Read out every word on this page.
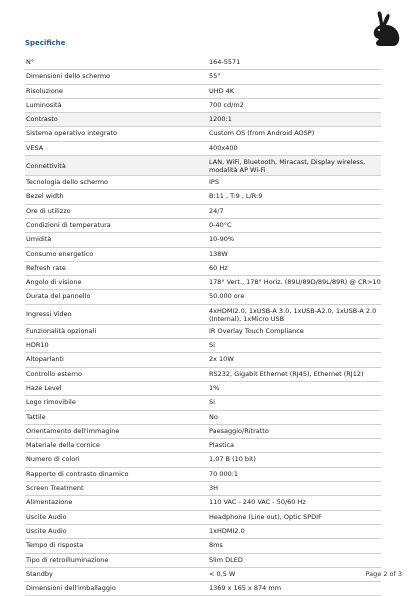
Specifiche
N°	164-5571
Dimensioni dello schermo	55"
Risoluzione	UHD 4K
Luminosità	700 cd/m2
Contrasto	1200:1
Sistema operativo integrato	Custom OS (from Android AOSP)
VESA	400x400
Connettività	LAN, WiFi, Bluetooth, Miracast, Display wireless, modalità AP Wi-Fi
Tecnologia dello schermo	IPS
Bezel width	B:11 , T:9 , L/R:9
Ore di utilizzo	24/7
Condizioni di temperatura	0-40°C
Umidità	10-90%
Consumo energetico	138W
Refresh rate	60 Hz
Angolo di visione	178° Vert., 178° Horiz. (89U/89D/89L/89R) @ CR>10
Durata del pannello	50.000 ore
Ingressi Video	4xHDMI2.0, 1xUSB-A 3.0, 1xUSB-A2.0, 1xUSB-A 2.0 (Internal), 1xMicro USB
Funzionalità opzionali	IR Overlay Touch Compliance
HDR10	Si
Altoparlanti	2x 10W
Controllo esterno	RS232, Gigabit Ethernet (RJ45), Ethernet (RJ12)
Haze Level	1%
Logo rimovibile	Si
Tattile	No
Orientamento dell'immagine	Paesaggio/Ritratto
Materiale della cornice	Plastica
Numero di colori	1,07 B (10 bit)
Rapporto di contrasto dinamico	70 000:1
Screen Treatment	3H
Alimentazione	110 VAC - 240 VAC - 50/60 Hz
Uscite Audio	Headphone (Line out), Optic SPDIF
Uscite Audio	1xHDMI2.0
Tempo di risposta	8ms
Tipo di retroilluminazione	Slim DLED
Standby	< 0,5 W
Dimensioni dell'imballaggio	1369 x 165 x 874 mm
Page 2 of 3
